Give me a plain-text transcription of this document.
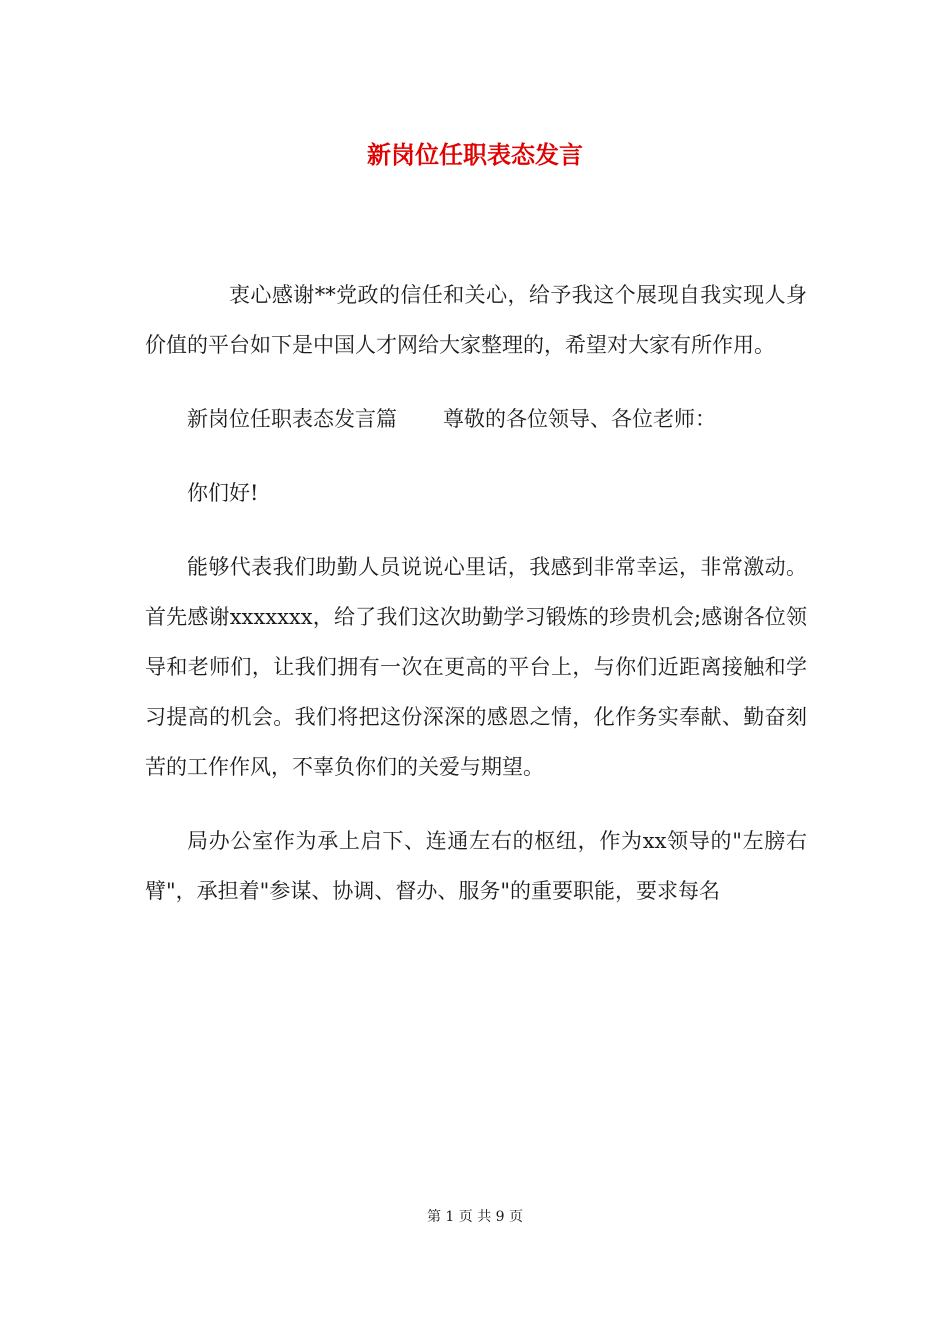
新岗位任职表态发言

衷心感谢**党政的信任和关心，给予我这个展现自我实现人身价值的平台如下是中国人才网给大家整理的，希望对大家有所作用。

新岗位任职表态发言篇 尊敬的各位领导、各位老师：

你们好!

能够代表我们助勤人员说说心里话，我感到非常幸运，非常激动。首先感谢xxxxxxx，给了我们这次助勤学习锻炼的珍贵机会;感谢各位领导和老师们，让我们拥有一次在更高的平台上，与你们近距离接触和学习提高的机会。我们将把这份深深的感恩之情，化作务实奉献、勤奋刻苦的工作作风，不辜负你们的关爱与期望。

局办公室作为承上启下、连通左右的枢纽，作为xx领导的"左膀右臂"，承担着"参谋、协调、督办、服务"的重要职能，要求每名

第 1 页 共 9 页
